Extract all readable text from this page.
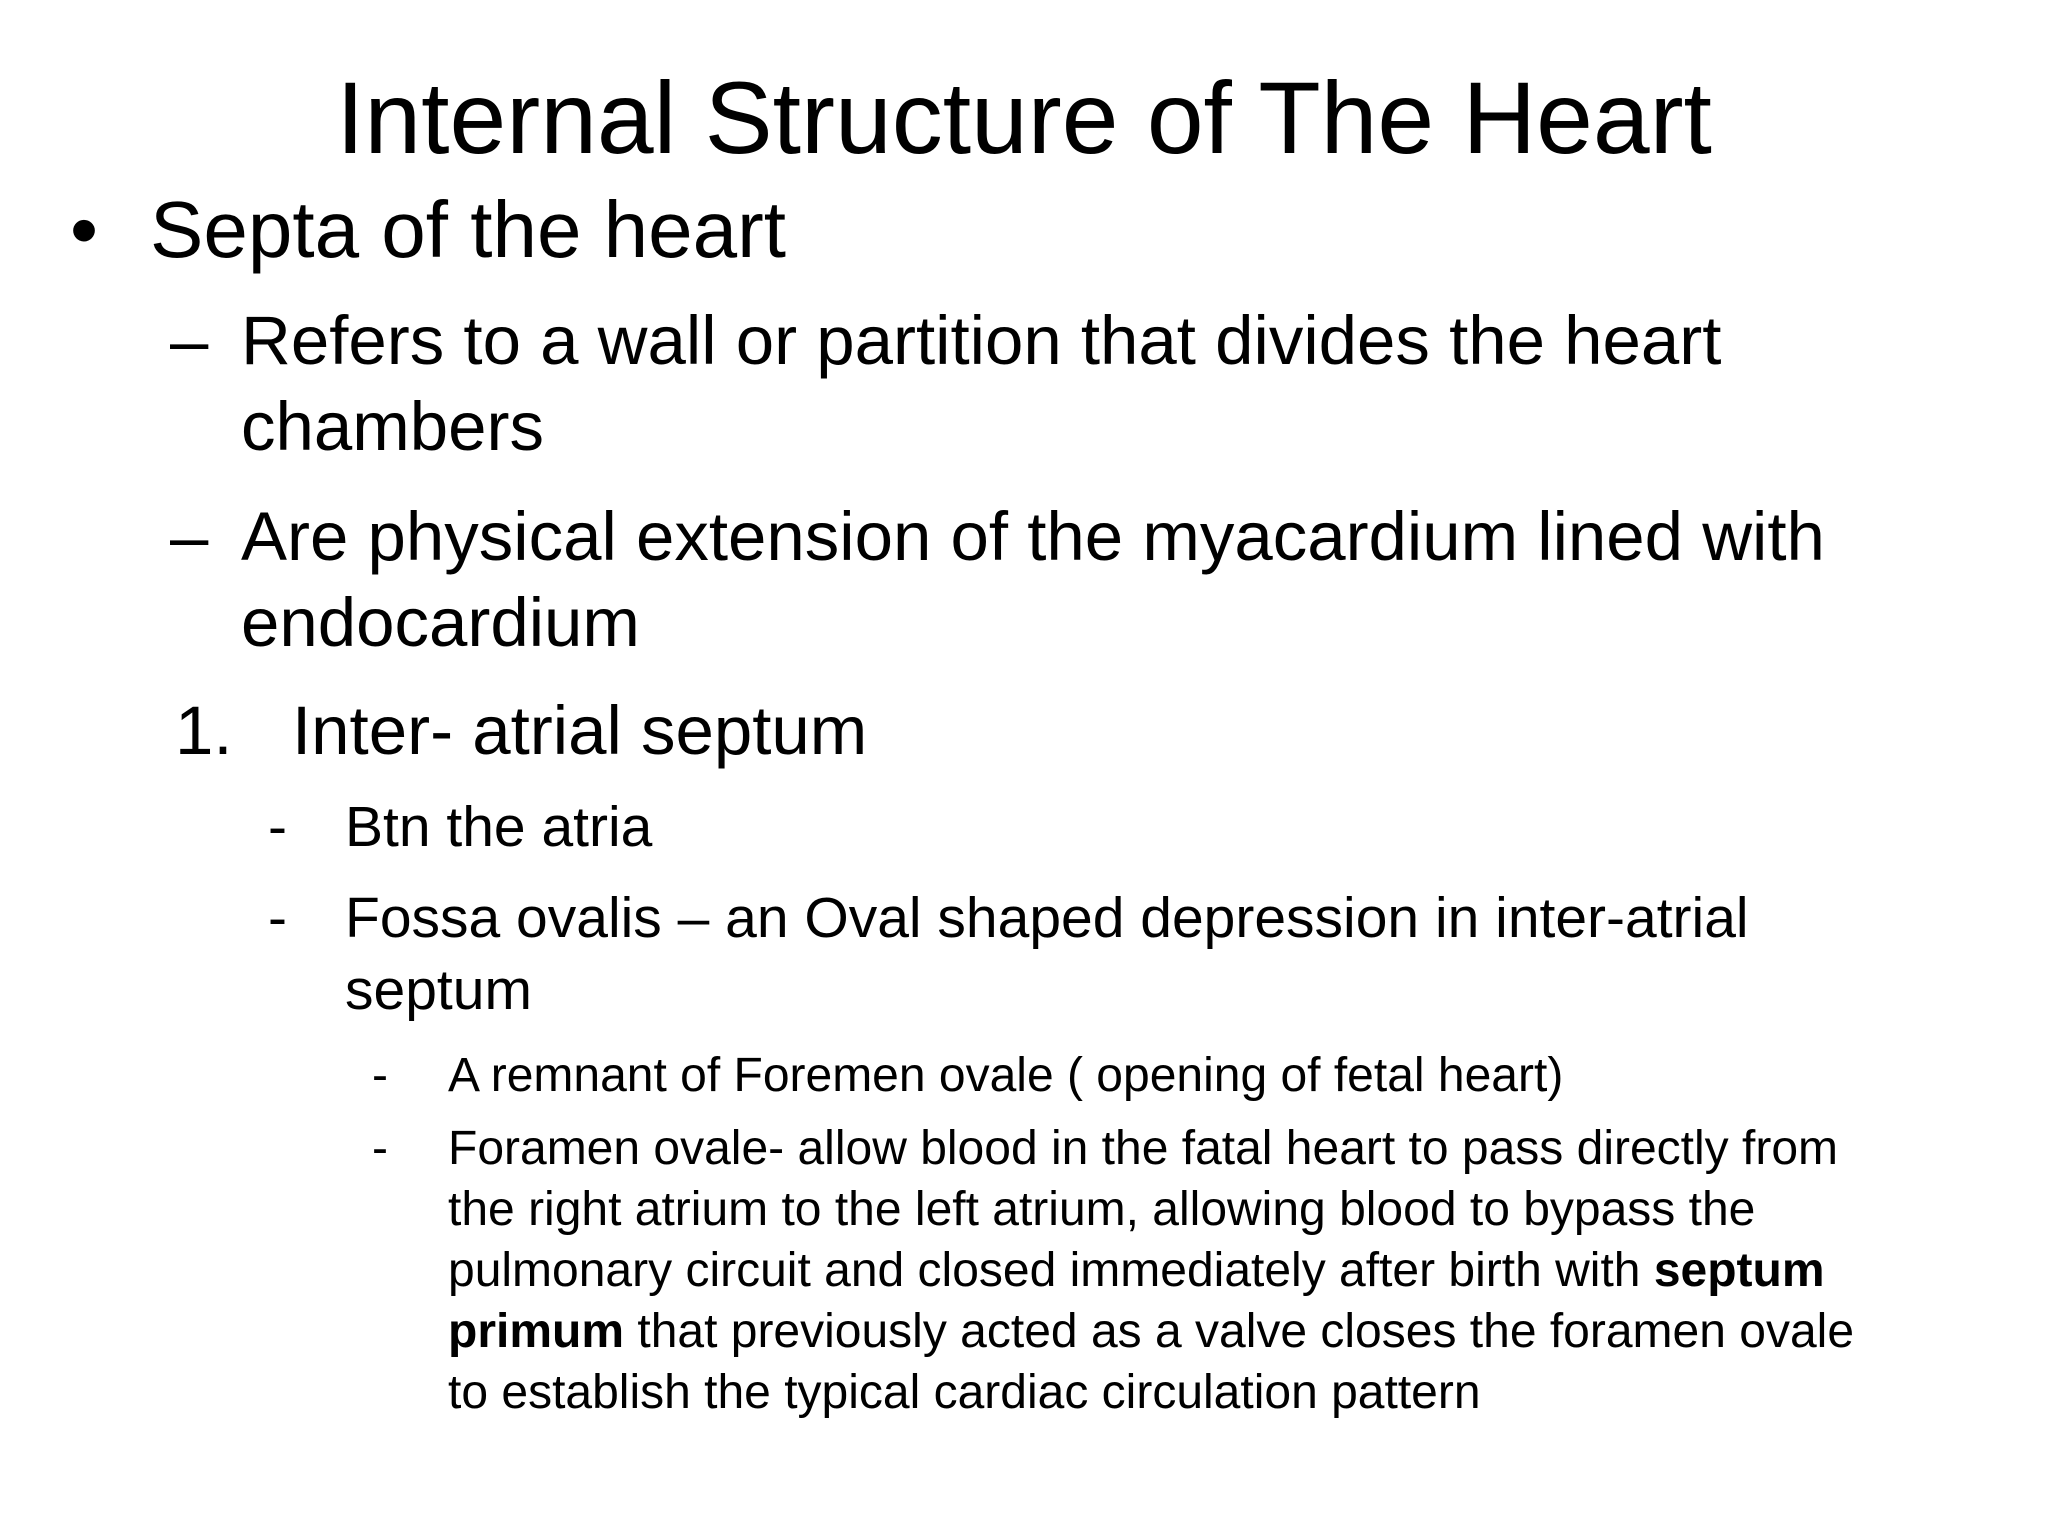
Internal Structure of The Heart
• Septa of the heart
– Refers to a wall or partition that divides the heart
chambers
– Are physical extension of the myacardium lined with
endocardium
1. Inter- atrial septum
- Btn the atria
- Fossa ovalis – an Oval shaped depression in inter-atrial
septum
- A remnant of Foremen ovale ( opening of fetal heart)
- Foramen ovale- allow blood in the fatal heart to pass directly from
the right atrium to the left atrium, allowing blood to bypass the
pulmonary circuit and closed immediately after birth with septum
primum that previously acted as a valve closes the foramen ovale
to establish the typical cardiac circulation pattern
